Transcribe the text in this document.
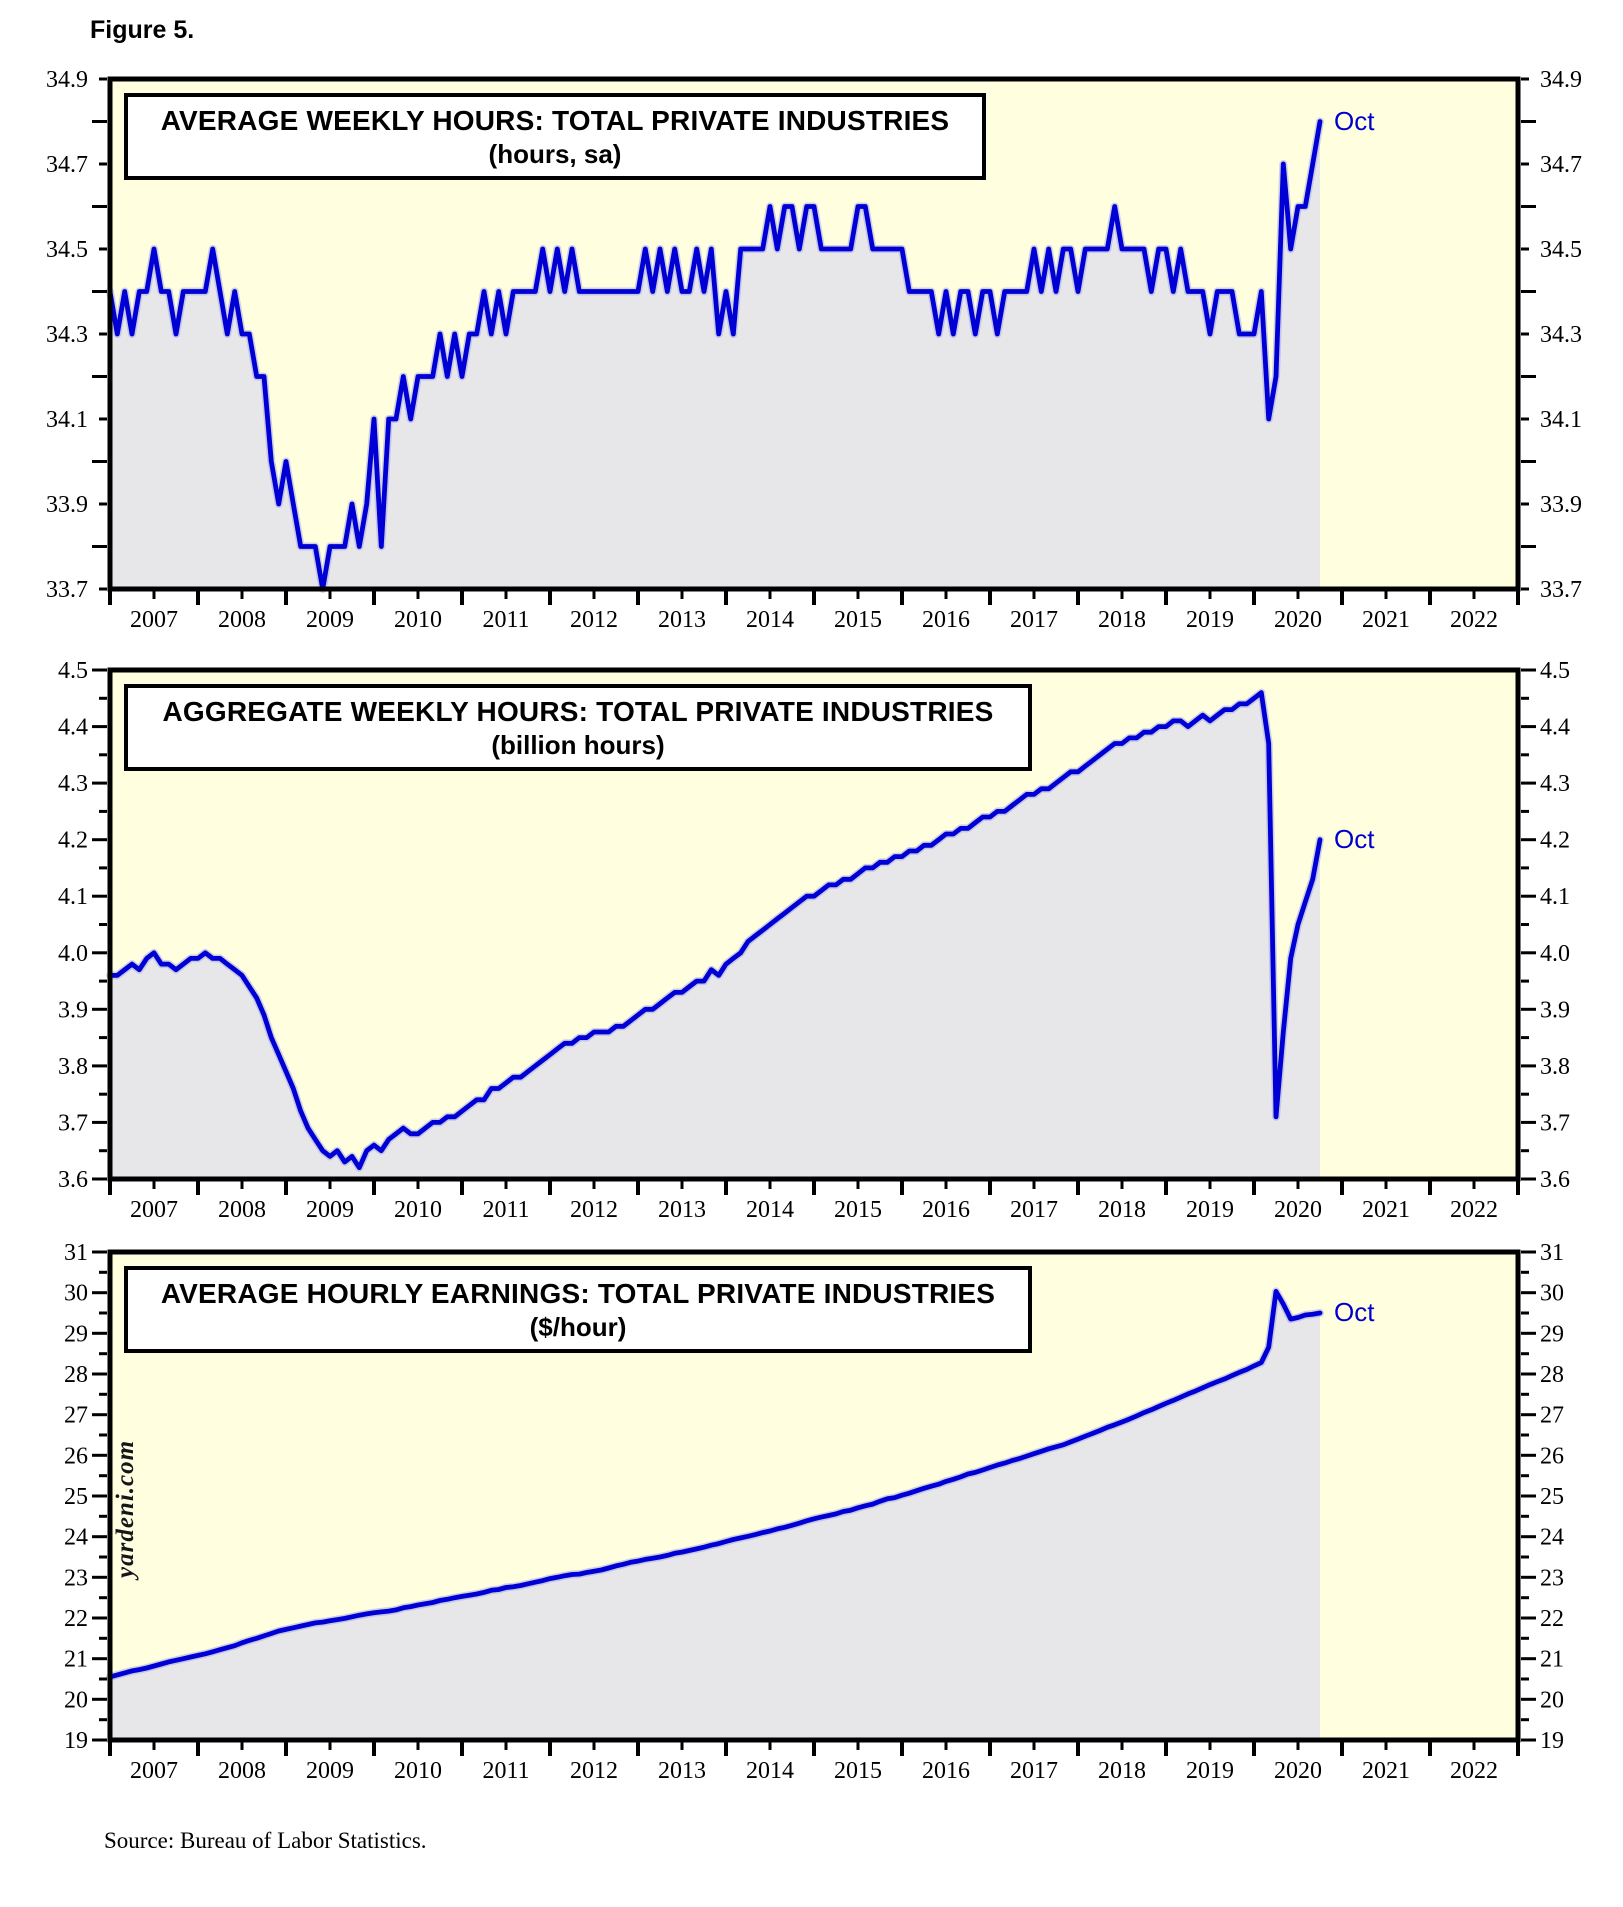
34.9	34.9
34.7	34.7
34.5	34.5
34.3	34.3
34.1	34.1
33.9	33.9
33.7	33.7
2007 2008 2009 2010 2011 2012 2013 2014 2015 2016 2017 2018 2019 2020 2021 2022
4.5	4.5
4.4	4.4
4.3	4.3
4.2	4.2
4.1	4.1
4.0	4.0
3.9	3.9
3.8	3.8
3.7	3.7
3.6	3.6
2007 2008 2009 2010 2011 2012 2013 2014 2015 2016 2017 2018 2019 2020 2021 2022
31	31
30	30
29	29
28	28
27	27
26	26
25	25
24	24
23	23
22	22
21	21
20	20
19	19
2007 2008 2009 2010 2011 2012 2013 2014 2015 2016 2017 2018 2019 2020 2021 2022
Figure 5.
AVERAGE WEEKLY HOURS: TOTAL PRIVATE INDUSTRIES
(hours, sa)
AGGREGATE WEEKLY HOURS: TOTAL PRIVATE INDUSTRIES
(billion hours)
AVERAGE HOURLY EARNINGS: TOTAL PRIVATE INDUSTRIES
($/hour)
Oct
Oct
Oct
yardeni.com
Source: Bureau of Labor Statistics.
